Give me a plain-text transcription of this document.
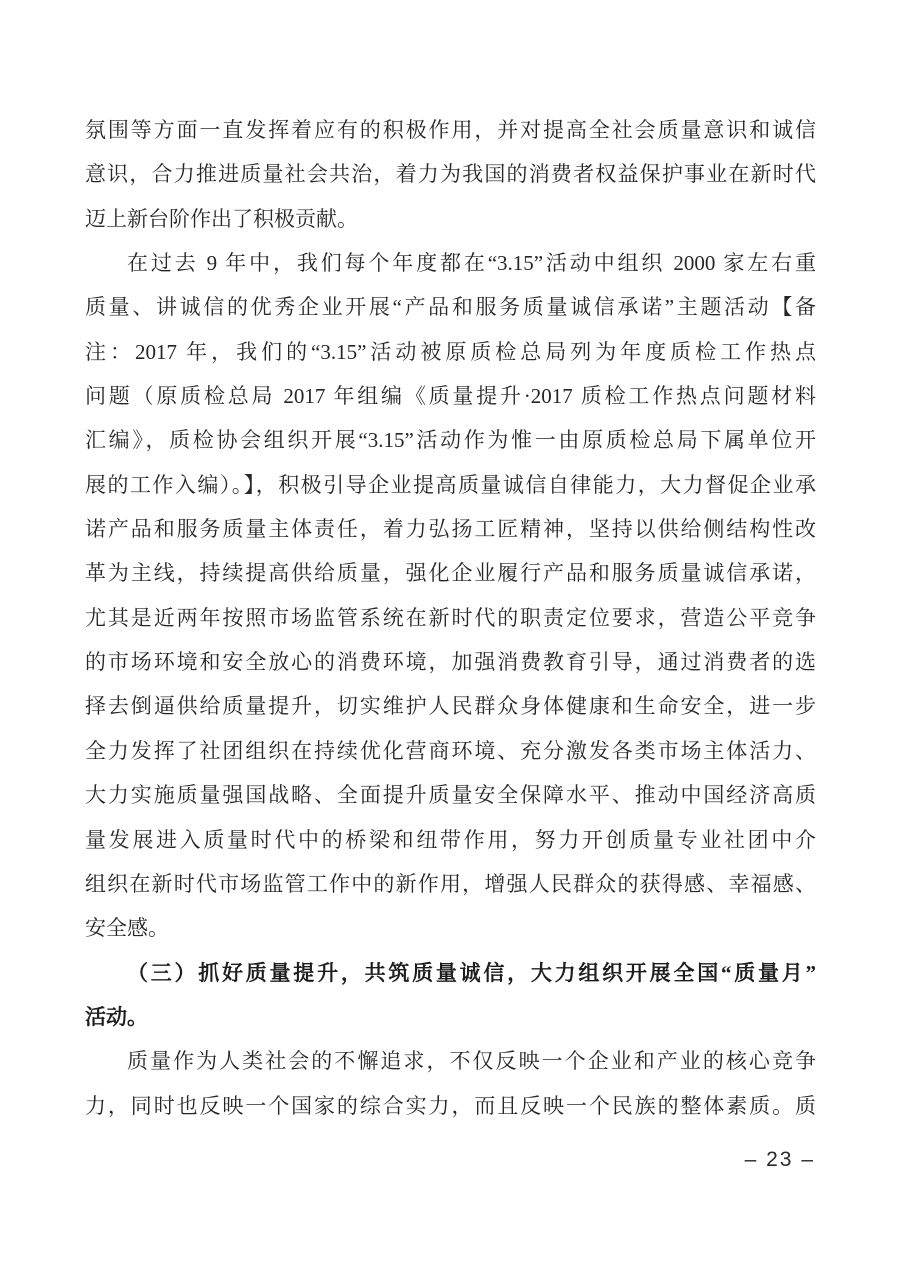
氛围等方面一直发挥着应有的积极作用，并对提高全社会质量意识和诚信
意识，合力推进质量社会共治，着力为我国的消费者权益保护事业在新时代
迈上新台阶作出了积极贡献。
在过去 9 年中，我们每个年度都在“3.15”活动中组织 2000 家左右重
质量、讲诚信的优秀企业开展“产品和服务质量诚信承诺”主题活动【备
注：2017 年，我们的“3.15”活动被原质检总局列为年度质检工作热点
问题（原质检总局 2017 年组编《质量提升·2017 质检工作热点问题材料
汇编》，质检协会组织开展“3.15”活动作为惟一由原质检总局下属单位开
展的工作入编）。】，积极引导企业提高质量诚信自律能力，大力督促企业承
诺产品和服务质量主体责任，着力弘扬工匠精神，坚持以供给侧结构性改
革为主线，持续提高供给质量，强化企业履行产品和服务质量诚信承诺，
尤其是近两年按照市场监管系统在新时代的职责定位要求，营造公平竞争
的市场环境和安全放心的消费环境，加强消费教育引导，通过消费者的选
择去倒逼供给质量提升，切实维护人民群众身体健康和生命安全，进一步
全力发挥了社团组织在持续优化营商环境、充分激发各类市场主体活力、
大力实施质量强国战略、全面提升质量安全保障水平、推动中国经济高质
量发展进入质量时代中的桥梁和纽带作用，努力开创质量专业社团中介
组织在新时代市场监管工作中的新作用，增强人民群众的获得感、幸福感、
安全感。
（三）抓好质量提升，共筑质量诚信，大力组织开展全国“质量月”
活动。
质量作为人类社会的不懈追求，不仅反映一个企业和产业的核心竞争
力，同时也反映一个国家的综合实力，而且反映一个民族的整体素质。质
– 23 –
